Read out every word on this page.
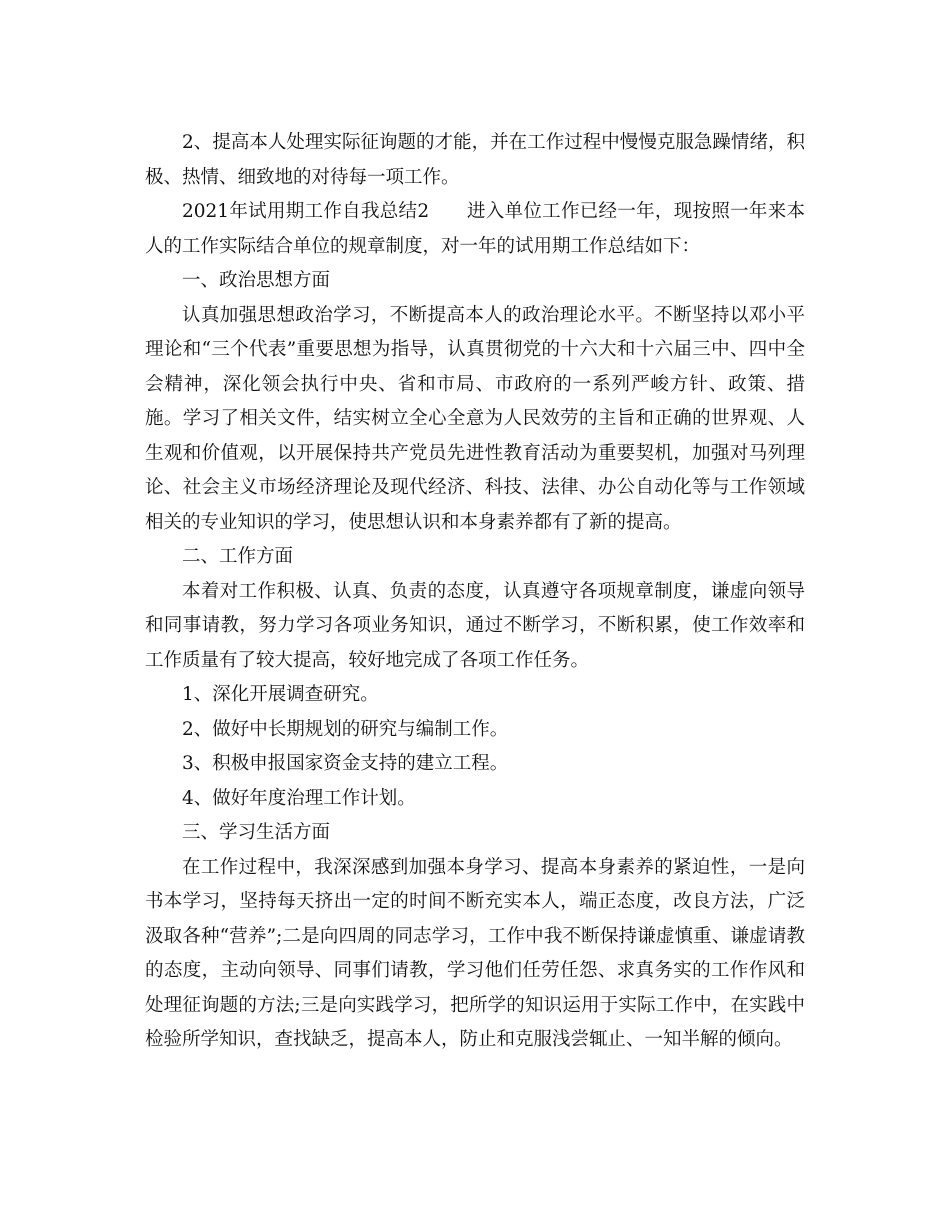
2、提高本人处理实际征询题的才能，并在工作过程中慢慢克服急躁情绪，积极、热情、细致地的对待每一项工作。

2021年试用期工作自我总结2　　进入单位工作已经一年，现按照一年来本人的工作实际结合单位的规章制度，对一年的试用期工作总结如下：

一、政治思想方面

认真加强思想政治学习，不断提高本人的政治理论水平。不断坚持以邓小平理论和“三个代表”重要思想为指导，认真贯彻党的十六大和十六届三中、四中全会精神，深化领会执行中央、省和市局、市政府的一系列严峻方针、政策、措施。学习了相关文件，结实树立全心全意为人民效劳的主旨和正确的世界观、人生观和价值观，以开展保持共产党员先进性教育活动为重要契机，加强对马列理论、社会主义市场经济理论及现代经济、科技、法律、办公自动化等与工作领域相关的专业知识的学习，使思想认识和本身素养都有了新的提高。

二、工作方面

本着对工作积极、认真、负责的态度，认真遵守各项规章制度，谦虚向领导和同事请教，努力学习各项业务知识，通过不断学习，不断积累，使工作效率和工作质量有了较大提高，较好地完成了各项工作任务。

1、深化开展调查研究。

2、做好中长期规划的研究与编制工作。

3、积极申报国家资金支持的建立工程。

4、做好年度治理工作计划。

三、学习生活方面

在工作过程中，我深深感到加强本身学习、提高本身素养的紧迫性，一是向书本学习，坚持每天挤出一定的时间不断充实本人，端正态度，改良方法，广泛汲取各种“营养”;二是向四周的同志学习，工作中我不断保持谦虚慎重、谦虚请教的态度，主动向领导、同事们请教，学习他们任劳任怨、求真务实的工作作风和处理征询题的方法;三是向实践学习，把所学的知识运用于实际工作中，在实践中检验所学知识，查找缺乏，提高本人，防止和克服浅尝辄止、一知半解的倾向。
